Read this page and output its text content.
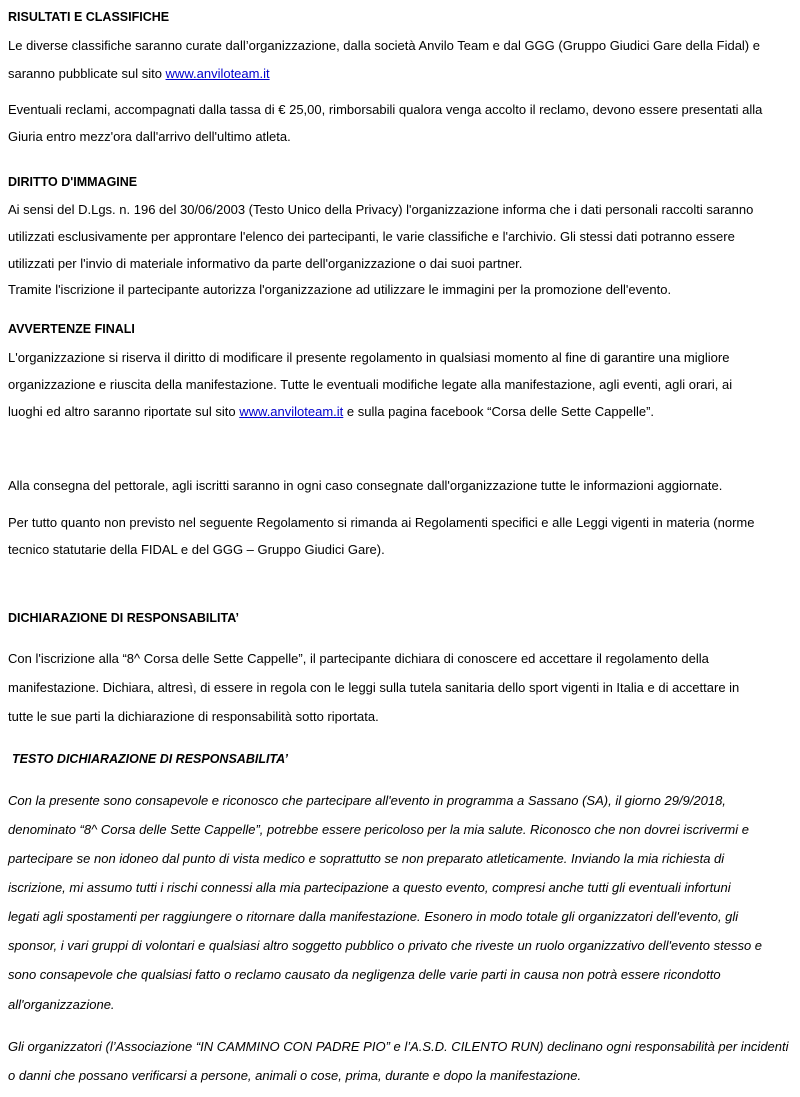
RISULTATI E CLASSIFICHE
Le diverse classifiche saranno curate dall’organizzazione, dalla società Anvilo Team e dal GGG (Gruppo Giudici Gare della Fidal) e
saranno pubblicate sul sito www.anviloteam.it
Eventuali reclami, accompagnati dalla tassa di € 25,00, rimborsabili qualora venga accolto il reclamo, devono essere presentati alla
Giuria entro mezz'ora dall'arrivo dell'ultimo atleta.
DIRITTO D'IMMAGINE
Ai sensi del D.Lgs. n. 196 del 30/06/2003 (Testo Unico della Privacy) l'organizzazione informa che i dati personali raccolti saranno
utilizzati esclusivamente per approntare l'elenco dei partecipanti, le varie classifiche e l'archivio. Gli stessi dati potranno essere
utilizzati per l'invio di materiale informativo da parte dell'organizzazione o dai suoi partner.
Tramite l'iscrizione il partecipante autorizza l'organizzazione ad utilizzare le immagini per la promozione dell'evento.
AVVERTENZE FINALI
L'organizzazione si riserva il diritto di modificare il presente regolamento in qualsiasi momento al fine di garantire una migliore
organizzazione e riuscita della manifestazione. Tutte le eventuali modifiche legate alla manifestazione, agli eventi, agli orari, ai
luoghi ed altro saranno riportate sul sito www.anviloteam.it e sulla pagina facebook “Corsa delle Sette Cappelle”.
Alla consegna del pettorale, agli iscritti saranno in ogni caso consegnate dall'organizzazione tutte le informazioni aggiornate.
Per tutto quanto non previsto nel seguente Regolamento si rimanda ai Regolamenti specifici e alle Leggi vigenti in materia (norme
tecnico statutarie della FIDAL e del GGG – Gruppo Giudici Gare).
DICHIARAZIONE DI RESPONSABILITA’
Con l'iscrizione alla “8^ Corsa delle Sette Cappelle”, il partecipante dichiara di conoscere ed accettare il regolamento della
manifestazione. Dichiara, altresì, di essere in regola con le leggi sulla tutela sanitaria dello sport vigenti in Italia e di accettare in
tutte le sue parti la dichiarazione di responsabilità sotto riportata.
TESTO DICHIARAZIONE DI RESPONSABILITA’
Con la presente sono consapevole e riconosco che partecipare all'evento in programma a Sassano (SA), il giorno 29/9/2018,
denominato “8^ Corsa delle Sette Cappelle”, potrebbe essere pericoloso per la mia salute. Riconosco che non dovrei iscrivermi e
partecipare se non idoneo dal punto di vista medico e soprattutto se non preparato atleticamente. Inviando la mia richiesta di
iscrizione, mi assumo tutti i rischi connessi alla mia partecipazione a questo evento, compresi anche tutti gli eventuali infortuni
legati agli spostamenti per raggiungere o ritornare dalla manifestazione. Esonero in modo totale gli organizzatori dell'evento, gli
sponsor, i vari gruppi di volontari e qualsiasi altro soggetto pubblico o privato che riveste un ruolo organizzativo dell'evento stesso e
sono consapevole che qualsiasi fatto o reclamo causato da negligenza delle varie parti in causa non potrà essere ricondotto
all'organizzazione.
Gli organizzatori (l’Associazione “IN CAMMINO CON PADRE PIO” e l’A.S.D. CILENTO RUN) declinano ogni responsabilità per incidenti
o danni che possano verificarsi a persone, animali o cose, prima, durante e dopo la manifestazione.
